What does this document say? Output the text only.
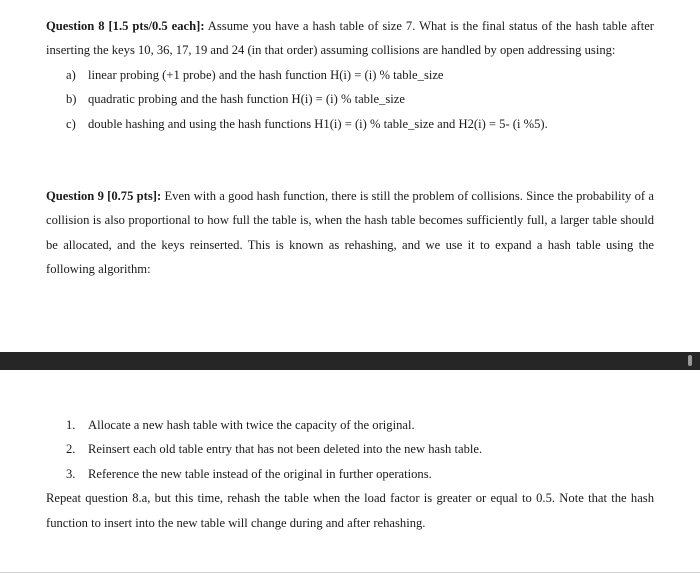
Question 8 [1.5 pts/0.5 each]: Assume you have a hash table of size 7. What is the final status of the hash table after inserting the keys 10, 36, 17, 19 and 24 (in that order) assuming collisions are handled by open addressing using:

a) linear probing (+1 probe) and the hash function H(i) = (i) % table_size
b) quadratic probing and the hash function H(i) = (i) % table_size
c) double hashing and using the hash functions H1(i) = (i) % table_size and H2(i) = 5- (i %5).

Question 9 [0.75 pts]: Even with a good hash function, there is still the problem of collisions. Since the probability of a collision is also proportional to how full the table is, when the hash table becomes sufficiently full, a larger table should be allocated, and the keys reinserted. This is known as rehashing, and we use it to expand a hash table using the following algorithm:

1. Allocate a new hash table with twice the capacity of the original.
2. Reinsert each old table entry that has not been deleted into the new hash table.
3. Reference the new table instead of the original in further operations.

Repeat question 8.a, but this time, rehash the table when the load factor is greater or equal to 0.5. Note that the hash function to insert into the new table will change during and after rehashing.
